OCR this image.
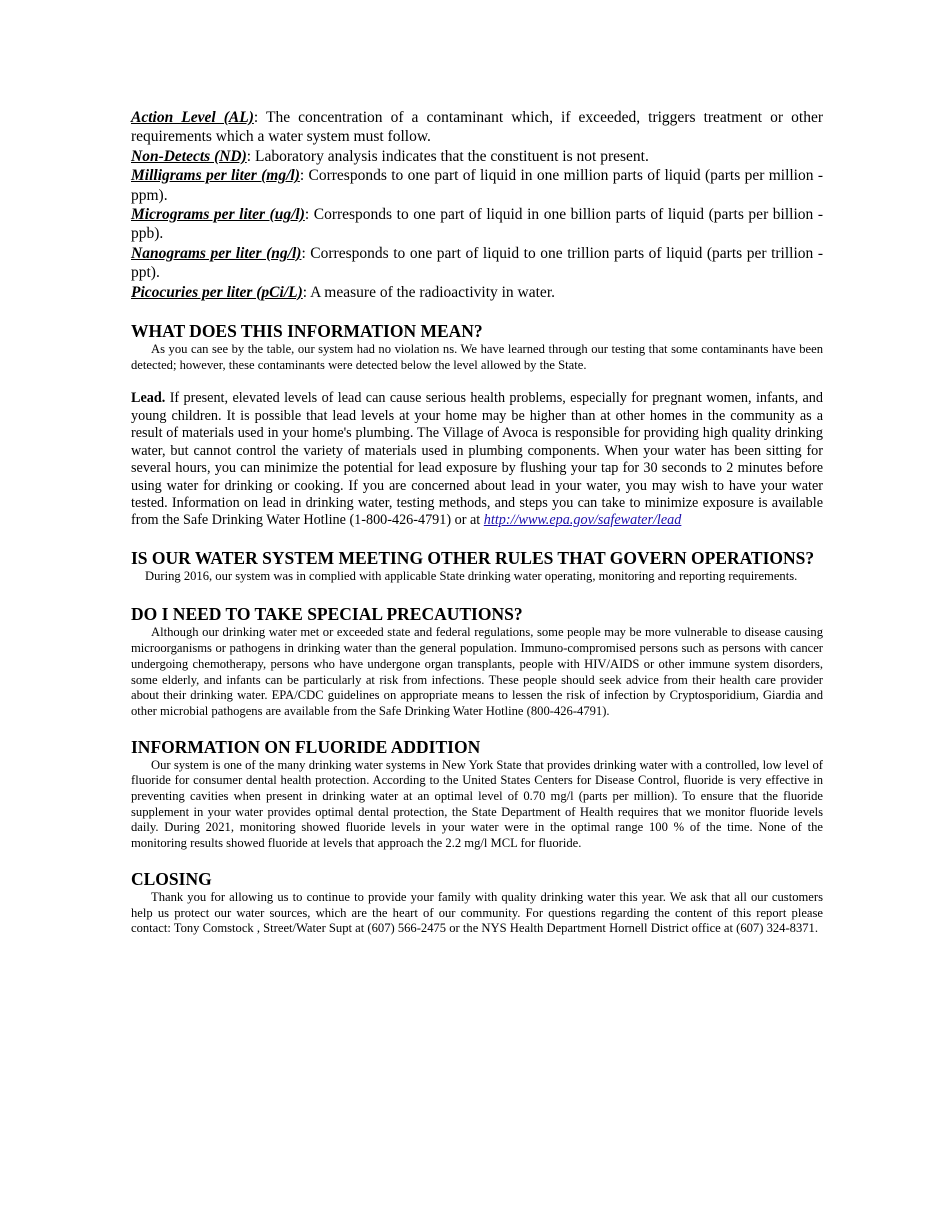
Action Level (AL): The concentration of a contaminant which, if exceeded, triggers treatment or other requirements which a water system must follow.

Non-Detects (ND): Laboratory analysis indicates that the constituent is not present.

Milligrams per liter (mg/l): Corresponds to one part of liquid in one million parts of liquid (parts per million - ppm).

Micrograms per liter (ug/l): Corresponds to one part of liquid in one billion parts of liquid (parts per billion - ppb).

Nanograms per liter (ng/l): Corresponds to one part of liquid to one trillion parts of liquid (parts per trillion - ppt).

Picocuries per liter (pCi/L): A measure of the radioactivity in water.

WHAT DOES THIS INFORMATION MEAN?

As you can see by the table, our system had no violation ns. We have learned through our testing that some contaminants have been detected; however, these contaminants were detected below the level allowed by the State.

Lead. If present, elevated levels of lead can cause serious health problems, especially for pregnant women, infants, and young children. It is possible that lead levels at your home may be higher than at other homes in the community as a result of materials used in your home's plumbing. The Village of Avoca is responsible for providing high quality drinking water, but cannot control the variety of materials used in plumbing components. When your water has been sitting for several hours, you can minimize the potential for lead exposure by flushing your tap for 30 seconds to 2 minutes before using water for drinking or cooking. If you are concerned about lead in your water, you may wish to have your water tested. Information on lead in drinking water, testing methods, and steps you can take to minimize exposure is available from the Safe Drinking Water Hotline (1-800-426-4791) or at http://www.epa.gov/safewater/lead

IS OUR WATER SYSTEM MEETING OTHER RULES THAT GOVERN OPERATIONS?

During 2016, our system was in complied with applicable State drinking water operating, monitoring and reporting requirements.

DO I NEED TO TAKE SPECIAL PRECAUTIONS?

Although our drinking water met or exceeded state and federal regulations, some people may be more vulnerable to disease causing microorganisms or pathogens in drinking water than the general population. Immuno-compromised persons such as persons with cancer undergoing chemotherapy, persons who have undergone organ transplants, people with HIV/AIDS or other immune system disorders, some elderly, and infants can be particularly at risk from infections. These people should seek advice from their health care provider about their drinking water. EPA/CDC guidelines on appropriate means to lessen the risk of infection by Cryptosporidium, Giardia and other microbial pathogens are available from the Safe Drinking Water Hotline (800-426-4791).

INFORMATION ON FLUORIDE ADDITION

Our system is one of the many drinking water systems in New York State that provides drinking water with a controlled, low level of fluoride for consumer dental health protection. According to the United States Centers for Disease Control, fluoride is very effective in preventing cavities when present in drinking water at an optimal level of 0.70 mg/l (parts per million). To ensure that the fluoride supplement in your water provides optimal dental protection, the State Department of Health requires that we monitor fluoride levels daily. During 2021, monitoring showed fluoride levels in your water were in the optimal range 100 % of the time. None of the monitoring results showed fluoride at levels that approach the 2.2 mg/l MCL for fluoride.

CLOSING

Thank you for allowing us to continue to provide your family with quality drinking water this year. We ask that all our customers help us protect our water sources, which are the heart of our community. For questions regarding the content of this report please contact: Tony Comstock , Street/Water Supt at (607) 566-2475 or the NYS Health Department Hornell District office at (607) 324-8371.
